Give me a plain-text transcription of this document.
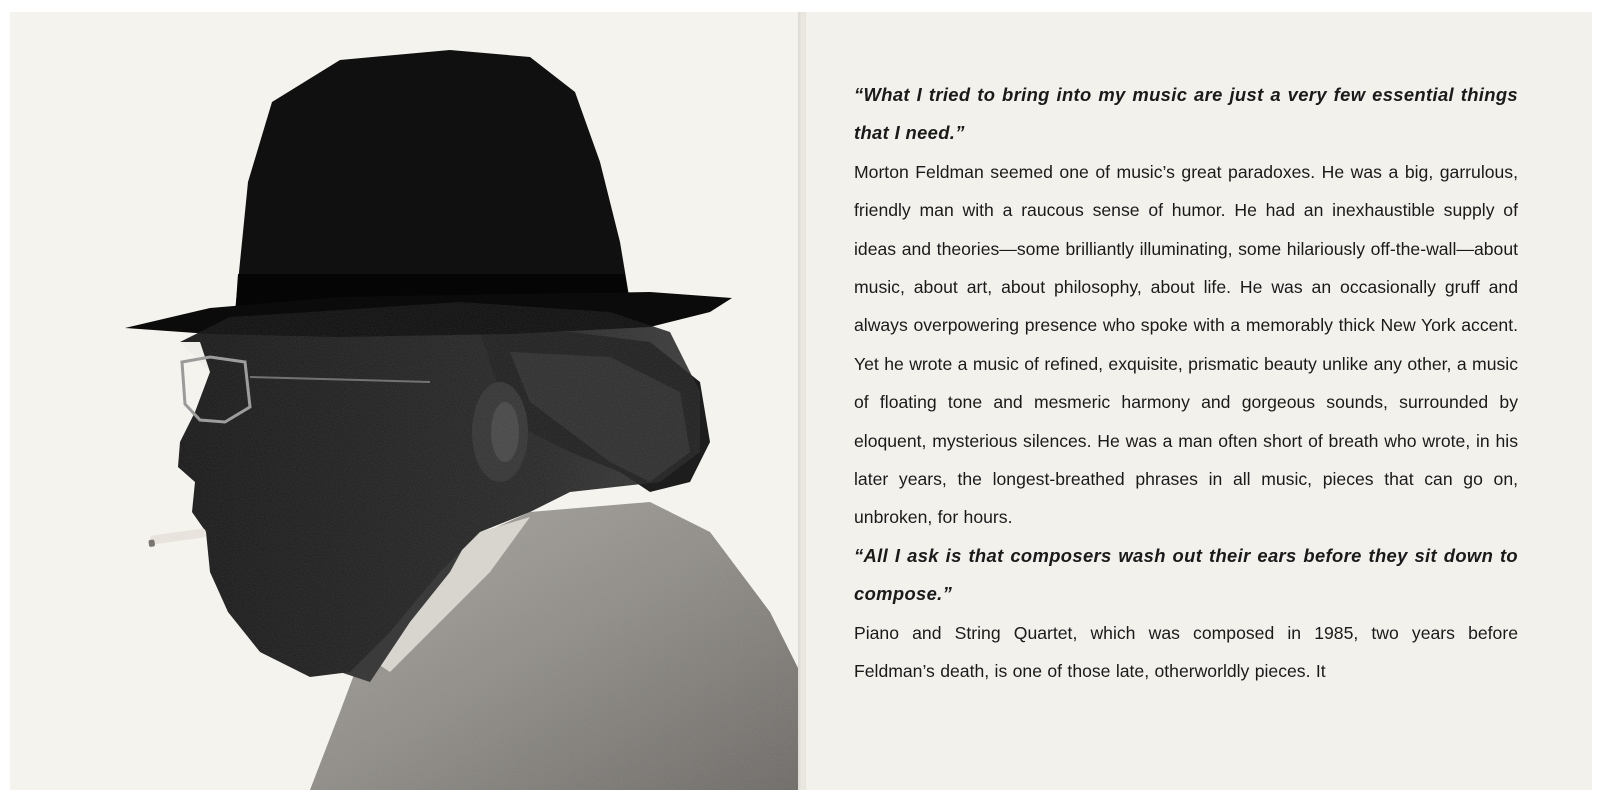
“What I tried to bring into my music are just a very few essential things that I need.”

Morton Feldman seemed one of music’s great paradoxes. He was a big, garrulous, friendly man with a raucous sense of humor. He had an inexhaustible supply of ideas and theories—some brilliantly illuminating, some hilariously off-the-wall—about music, about art, about philosophy, about life. He was an occasionally gruff and always overpowering presence who spoke with a memorably thick New York accent. Yet he wrote a music of refined, exquisite, prismatic beauty unlike any other, a music of floating tone and mesmeric harmony and gorgeous sounds, surrounded by eloquent, mysterious silences. He was a man often short of breath who wrote, in his later years, the longest-breathed phrases in all music, pieces that can go on, unbroken, for hours.

“All I ask is that composers wash out their ears before they sit down to compose.”

Piano and String Quartet, which was composed in 1985, two years before Feldman’s death, is one of those late, otherworldly pieces. It
